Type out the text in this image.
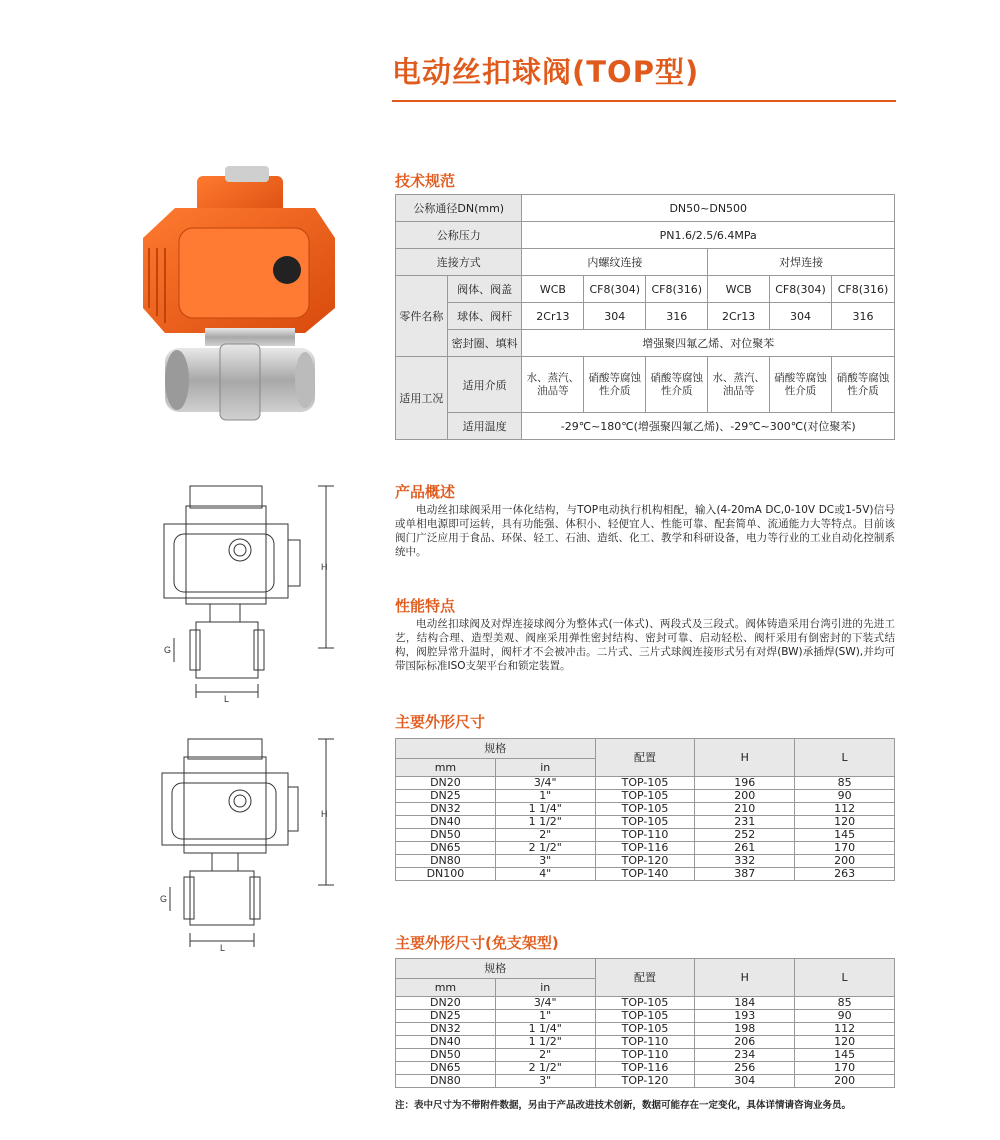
电动丝扣球阀(TOP型)
H
L
G
H
L
G
技术规范
公称通径DN(mm)		DN50~DN500					
公称压力		PN1.6/2.5/6.4MPa					
连接方式		内螺纹连接			对焊连接		
零件名称	阀体、阀盖	WCB	CF8(304)	CF8(316)	WCB	CF8(304)	CF8(316)
	球体、阀杆	2Cr13	304	316	2Cr13	304	316
	密封圈、填料	增强聚四氟乙烯、对位聚苯					
适用工况	适用介质	水、蒸汽、油品等	硝酸等腐蚀性介质	硝酸等腐蚀性介质	水、蒸汽、油品等	硝酸等腐蚀性介质	硝酸等腐蚀性介质
	适用温度	-29℃~180℃(增强聚四氟乙烯)、-29℃~300℃(对位聚苯)					
产品概述
电动丝扣球阀采用一体化结构，与TOP电动执行机构相配，输入(4-20mA DC,0-10V DC或1-5V)信号或单相电源即可运转，具有功能强、体积小、轻便宜人、性能可靠、配套简单、流通能力大等特点。目前该阀门广泛应用于食品、环保、轻工、石油、造纸、化工、教学和科研设备，电力等行业的工业自动化控制系统中。
性能特点
电动丝扣球阀及对焊连接球阀分为整体式(一体式)、两段式及三段式。阀体铸造采用台湾引进的先进工艺，结构合理、造型美观、阀座采用弹性密封结构、密封可靠、启动轻松、阀杆采用有倒密封的下装式结构，阀腔异常升温时，阀杆才不会被冲击。二片式、三片式球阀连接形式另有对焊(BW)承插焊(SW),并均可带国际标准ISO支架平台和锁定装置。
主要外形尺寸
规格		配置	H	L
mm	in			
DN20	3/4"	TOP-105	196	85
DN25	1"	TOP-105	200	90
DN32	1 1/4"	TOP-105	210	112
DN40	1 1/2"	TOP-105	231	120
DN50	2"	TOP-110	252	145
DN65	2 1/2"	TOP-116	261	170
DN80	3"	TOP-120	332	200
DN100	4"	TOP-140	387	263
主要外形尺寸(免支架型)
规格		配置	H	L
mm	in			
DN20	3/4"	TOP-105	184	85
DN25	1"	TOP-105	193	90
DN32	1 1/4"	TOP-105	198	112
DN40	1 1/2"	TOP-110	206	120
DN50	2"	TOP-110	234	145
DN65	2 1/2"	TOP-116	256	170
DN80	3"	TOP-120	304	200
注：表中尺寸为不带附件数据，另由于产品改进技术创新，数据可能存在一定变化，具体详情请咨询业务员。
